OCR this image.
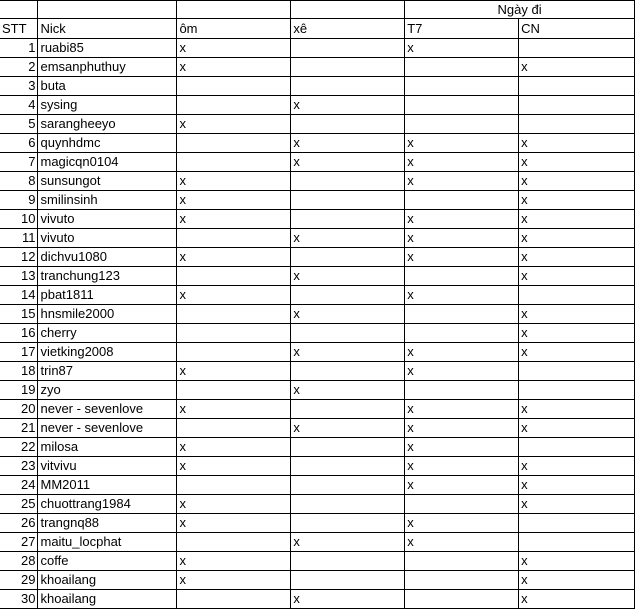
				Ngày đi	
STT	Nick	ôm	xê	T7	CN
1	ruabi85	x		x	
2	emsanphuthuy	x			x
3	buta				
4	sysing		x		
5	sarangheeyo	x			
6	quynhdmc		x	x	x
7	magicqn0104		x	x	x
8	sunsungot	x		x	x
9	smilinsinh	x			x
10	vivuto	x		x	x
11	vivuto		x	x	x
12	dichvu1080	x		x	x
13	tranchung123		x		x
14	pbat1811	x		x	
15	hnsmile2000		x		x
16	cherry				x
17	vietking2008		x	x	x
18	trin87	x		x	
19	zyo		x		
20	never - sevenlove	x		x	x
21	never - sevenlove		x	x	x
22	milosa	x		x	
23	vitvivu	x		x	x
24	MM2011			x	x
25	chuottrang1984	x			x
26	trangnq88	x		x	
27	maitu_locphat		x	x	
28	coffe	x			x
29	khoailang	x			x
30	khoailang		x		x
